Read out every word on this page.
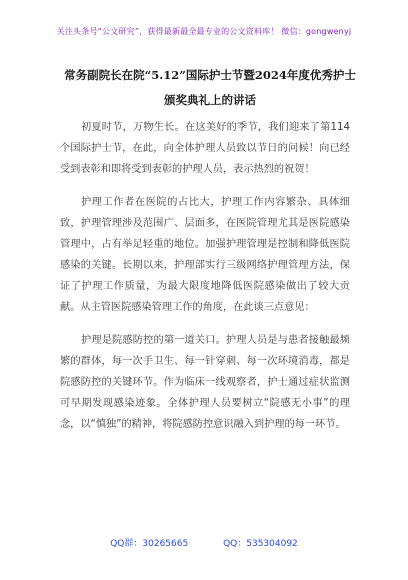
关注头条号“公文研究”，获得最新最全最专业的公文资料库！ 微信：gongwenyj
常务副院长在院“5.12”国际护士节暨2024年度优秀护士
颁奖典礼上的讲话

初夏时节，万物生长。在这美好的季节，我们迎来了第114个国际护士节，在此，向全体护理人员致以节日的问候！向已经受到表彰和即将受到表彰的护理人员，表示热烈的祝贺！

护理工作者在医院的占比大，护理工作内容繁杂、具体细致，护理管理涉及范围广、层面多，在医院管理尤其是医院感染管理中，占有举足轻重的地位。加强护理管理是控制和降低医院感染的关键。长期以来，护理部实行三级网络护理管理方法，保证了护理工作质量，为最大限度地降低医院感染做出了较大贡献。从主管医院感染管理工作的角度，在此谈三点意见：

护理是院感防控的第一道关口。护理人员是与患者接触最频繁的群体，每一次手卫生、每一针穿刺、每一次环境消毒，都是院感防控的关键环节。作为临床一线观察者，护士通过症状监测可早期发现感染迹象。全体护理人员要树立“院感无小事”的理念，以“慎独”的精神，将院感防控意识融入到护理的每一环节。

QQ群：30265665	QQ：535304092
